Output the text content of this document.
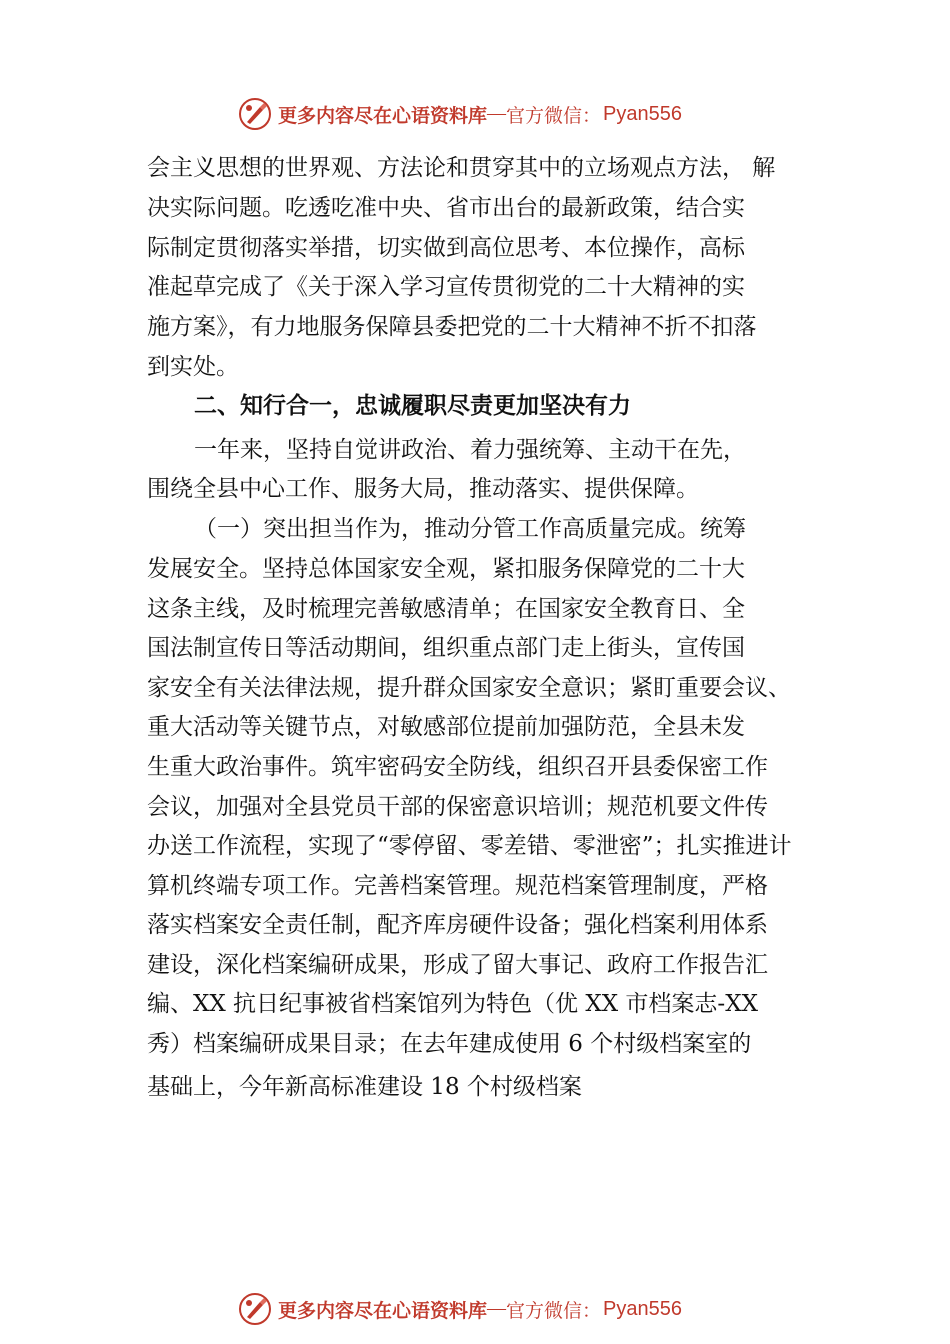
更多内容尽在心语资料库 — 官方微信： Pyan556
会主义思想的世界观、方法论和贯穿其中的立场观点方法， 解
决实际问题。吃透吃准中央、省市出台的最新政策，结合实
际制定贯彻落实举措，切实做到高位思考、本位操作，高标
准起草完成了《关于深入学习宣传贯彻党的二十大精神的实
施方案》，有力地服务保障县委把党的二十大精神不折不扣落
到实处。
二、知行合一，忠诚履职尽责更加坚决有力
一年来，坚持自觉讲政治、着力强统筹、主动干在先，
围绕全县中心工作、服务大局，推动落实、提供保障。
（一）突出担当作为，推动分管工作高质量完成。统筹
发展安全。坚持总体国家安全观，紧扣服务保障党的二十大
这条主线，及时梳理完善敏感清单；在国家安全教育日、全
国法制宣传日等活动期间，组织重点部门走上街头，宣传国
家安全有关法律法规，提升群众国家安全意识；紧盯重要会议、
重大活动等关键节点，对敏感部位提前加强防范，全县未发
生重大政治事件。筑牢密码安全防线，组织召开县委保密工作
会议，加强对全县党员干部的保密意识培训；规范机要文件传
办送工作流程，实现了“零停留、零差错、零泄密”；扎实推进计
算机终端专项工作。完善档案管理。规范档案管理制度，严格
落实档案安全责任制，配齐库房硬件设备；强化档案利用体系
建设，深化档案编研成果，形成了留大事记、政府工作报告汇
编、XX 抗日纪事被省档案馆列为特色（优 XX 市档案志-XX
秀）档案编研成果目录；在去年建成使用 6 个村级档案室的
基础上，今年新高标准建设 18 个村级档案
更多内容尽在心语资料库 — 官方微信： Pyan556
